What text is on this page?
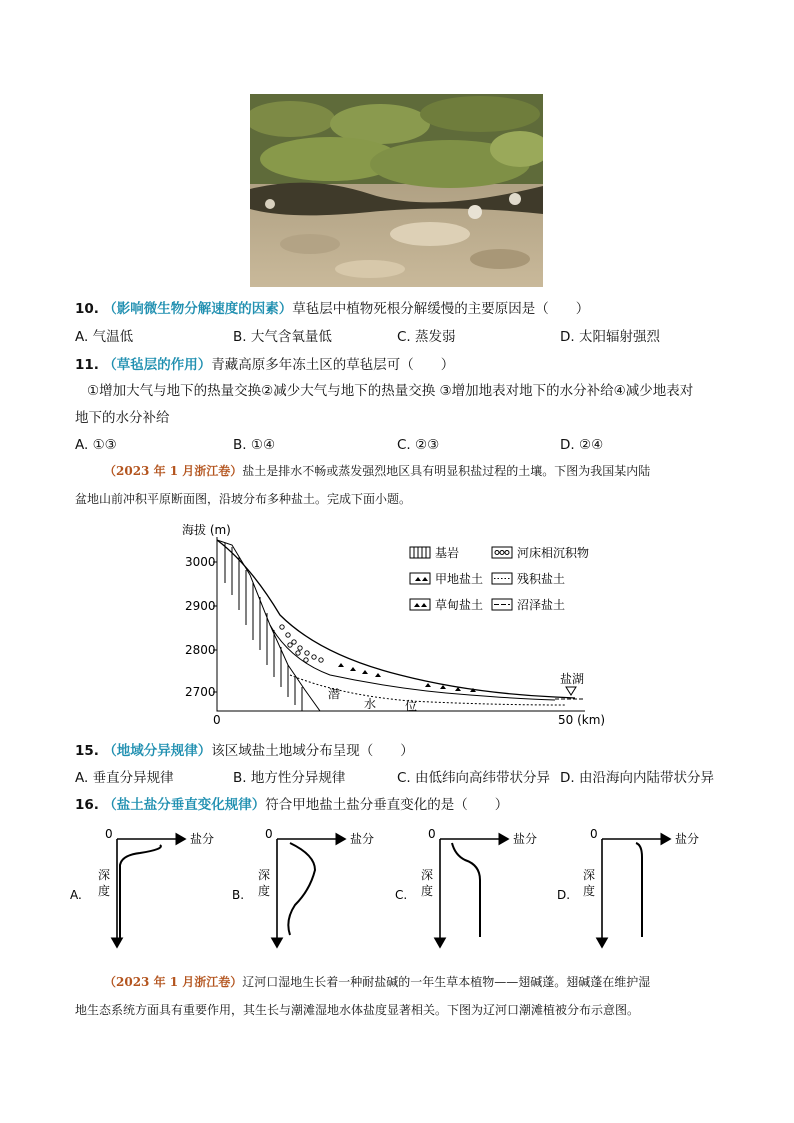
10. （影响微生物分解速度的因素）草毡层中植物死根分解缓慢的主要原因是（　　）
11. （草毡层的作用）青藏高原多年冻土区的草毡层可（　　）
①增加大气与地下的热量交换②减少大气与地下的热量交换 ③增加地表对地下的水分补给④减少地表对
地下的水分补给
A. ①③	B. ①④	C. ②③	D. ②④
（2023 年 1 月浙江卷）盐土是排水不畅或蒸发强烈地区具有明显积盐过程的土壤。下图为我国某内陆
盆地山前冲积平原断面图，沿坡分布多种盐土。完成下面小题。
海拔 (m)
3000
2900
2800
2700
0	50 (km)
潜
水 位
盐湖
基岩	河床相沉积物
甲地盐土	残积盐土
草甸盐土	沼泽盐土
15. （地域分异规律）该区域盐土地域分布呈现（　　）
A. 垂直分异规律	B. 地方性分异规律	C. 由低纬向高纬带状分异 D. 由沿海向内陆带状分异
16. （盐土盐分垂直变化规律）符合甲地盐土盐分垂直变化的是（　　）
0	盐分
深
度
A.
0	盐分
深
度
B.
0	盐分
深
度
C.
0	盐分
深
度
D.
（2023 年 1 月浙江卷）辽河口湿地生长着一种耐盐碱的一年生草本植物——翅碱蓬。翅碱蓬在维护湿
地生态系统方面具有重要作用，其生长与潮滩湿地水体盐度显著相关。下图为辽河口潮滩植被分布示意图。
A. 气温低	B. 大气含氧量低	C. 蒸发弱	D. 太阳辐射强烈
